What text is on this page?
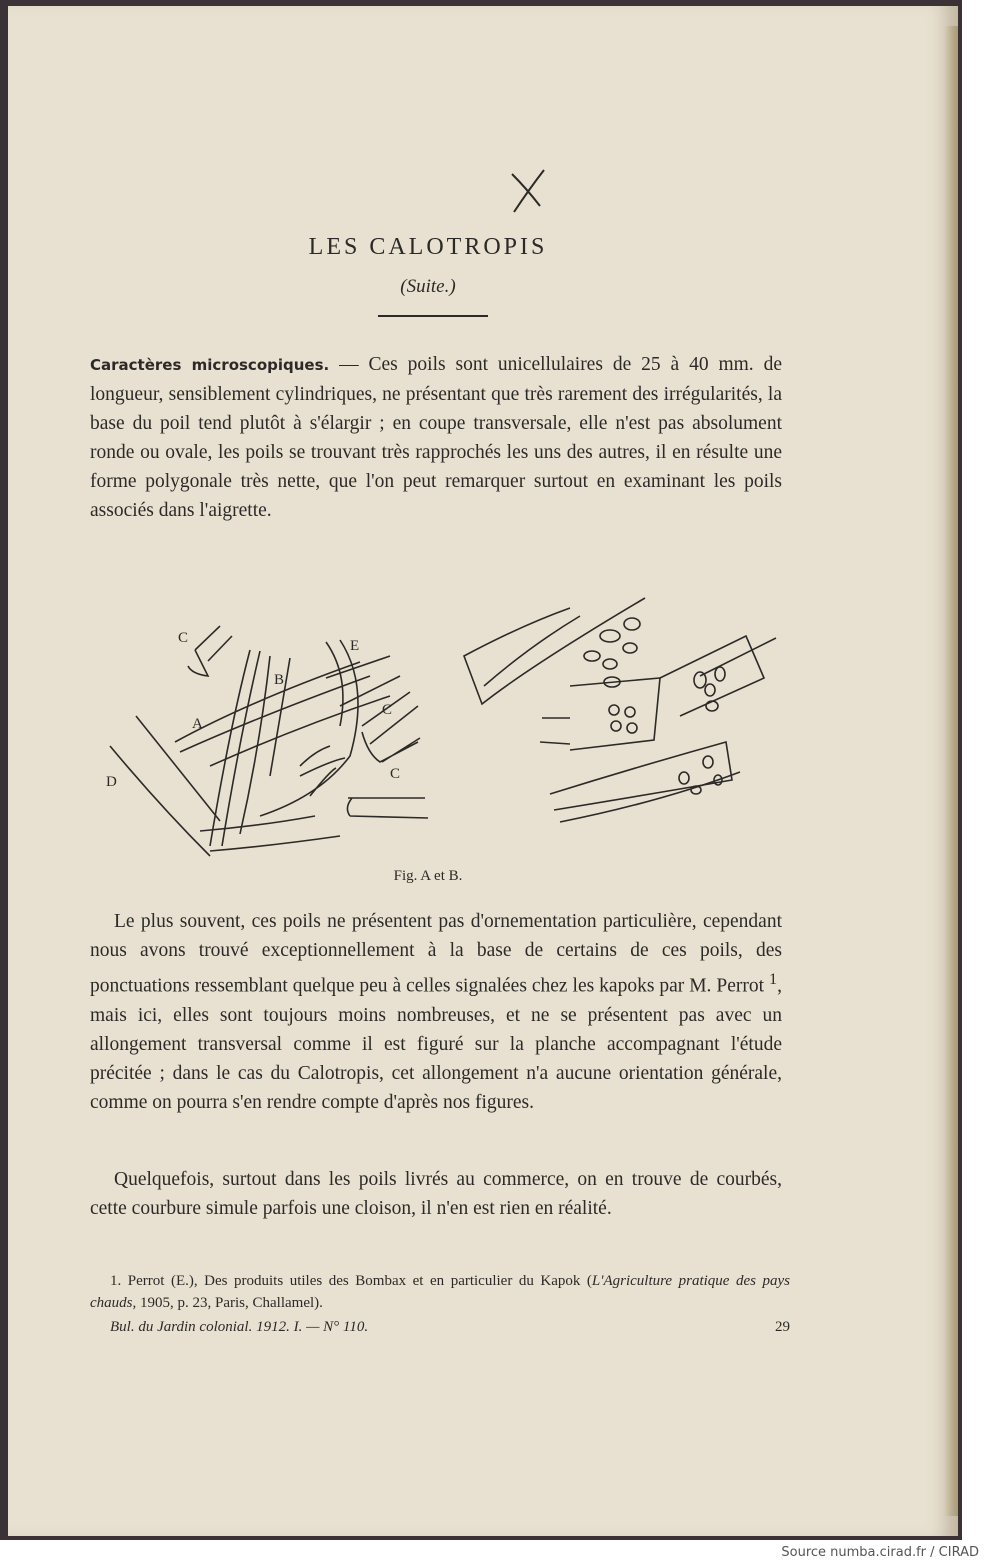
LES CALOTROPIS
(Suite.)
Caractères microscopiques. — Ces poils sont unicellulaires de 25 à 40 mm. de longueur, sensiblement cylindriques, ne présentant que très rarement des irrégularités, la base du poil tend plutôt à s'élargir ; en coupe transversale, elle n'est pas absolument ronde ou ovale, les poils se trouvant très rapprochés les uns des autres, il en résulte une forme polygonale très nette, que l'on peut remarquer surtout en examinant les poils associés dans l'aigrette.
C
B
E
A
C
C
D
Fig. A et B.
Le plus souvent, ces poils ne présentent pas d'ornementation particulière, cependant nous avons trouvé exceptionnellement à la base de certains de ces poils, des ponctuations ressemblant quelque peu à celles signalées chez les kapoks par M. Perrot $^1$, mais ici, elles sont toujours moins nombreuses, et ne se présentent pas avec un allongement transversal comme il est figuré sur la planche accompagnant l'étude précitée ; dans le cas du Calotropis, cet allongement n'a aucune orientation générale, comme on pourra s'en rendre compte d'après nos figures.
Quelquefois, surtout dans les poils livrés au commerce, on en trouve de courbés, cette courbure simule parfois une cloison, il n'en est rien en réalité.
1. Perrot (E.), Des produits utiles des Bombax et en particulier du Kapok (L'Agriculture pratique des pays chauds, 1905, p. 23, Paris, Challamel).
Bul. du Jardin colonial. 1912. I. — N° 110.	29
Source numba.cirad.fr / CIRAD
